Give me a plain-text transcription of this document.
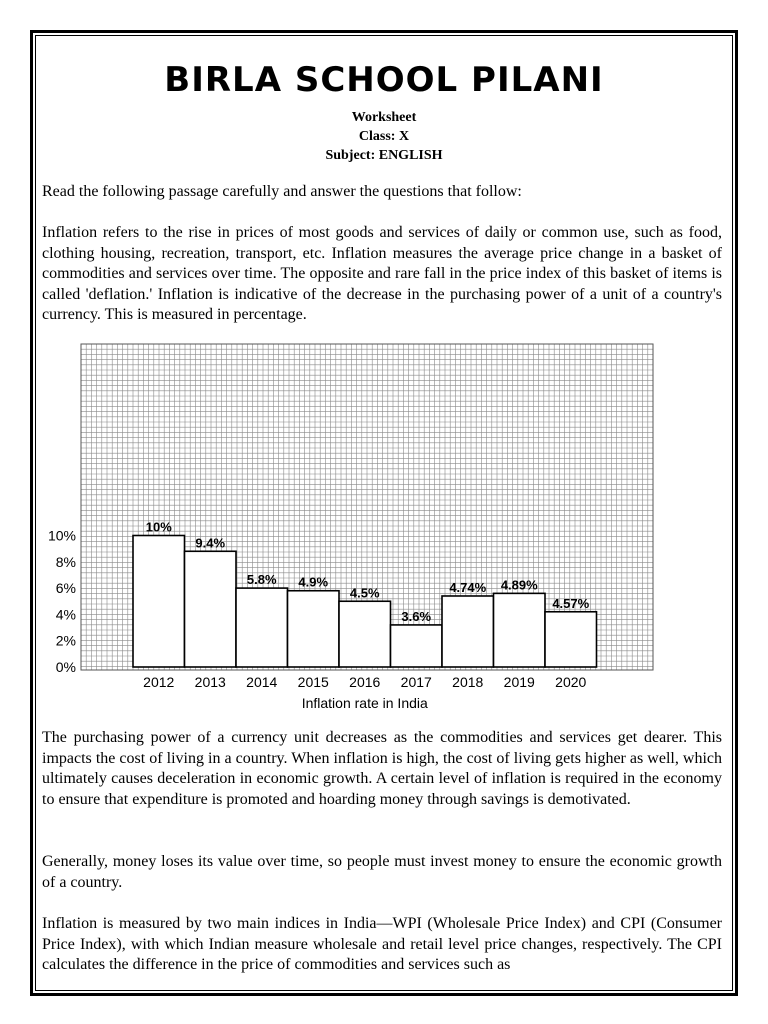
BIRLA SCHOOL PILANI
Worksheet
Class: X
Subject: ENGLISH

Read the following passage carefully and answer the questions that follow:

Inflation refers to the rise in prices of most goods and services of daily or common use, such as food, clothing housing, recreation, transport, etc. Inflation measures the average price change in a basket of commodities and services over time. The opposite and rare fall in the price index of this basket of items is called 'deflation.' Inflation is indicative of the decrease in the purchasing power of a unit of a country's currency. This is measured in percentage.

0%
2%
4%
6%
8%
10%
10%
2012
9.4%
2013
5.8%
2014
4.9%
2015
4.5%
2016
3.6%
2017
4.74%
2018
4.89%
2019
4.57%
2020
Inflation rate in India

The purchasing power of a currency unit decreases as the commodities and services get dearer. This impacts the cost of living in a country. When inflation is high, the cost of living gets higher as well, which ultimately causes deceleration in economic growth. A certain level of inflation is required in the economy to ensure that expenditure is promoted and hoarding money through savings is demotivated.

Generally, money loses its value over time, so people must invest money to ensure the economic growth of a country.

Inflation is measured by two main indices in India—WPI (Wholesale Price Index) and CPI (Consumer Price Index), with which Indian measure wholesale and retail level price changes, respectively. The CPI calculates the difference in the price of commodities and services such as
